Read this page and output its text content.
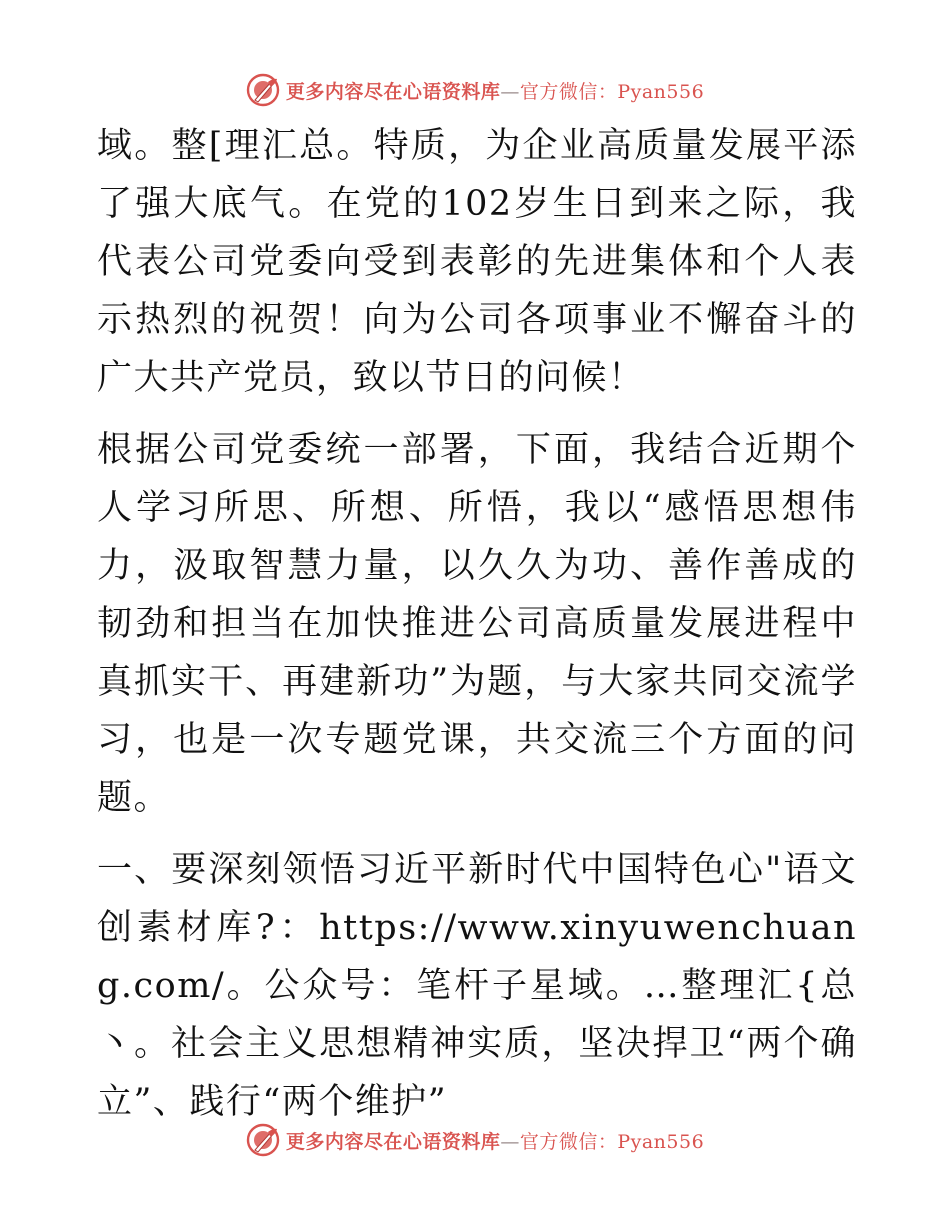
更多内容尽在心语资料库—官方微信：Pyan556

域。整[理汇总。特质，为企业高质量发展平添了强大底气。在党的102岁生日到来之际，我代表公司党委向受到表彰的先进集体和个人表示热烈的祝贺！向为公司各项事业不懈奋斗的广大共产党员，致以节日的问候！

根据公司党委统一部署，下面，我结合近期个人学习所思、所想、所悟，我以“感悟思想伟力，汲取智慧力量，以久久为功、善作善成的韧劲和担当在加快推进公司高质量发展进程中真抓实干、再建新功”为题，与大家共同交流学习，也是一次专题党课，共交流三个方面的问题。

一、要深刻领悟习近平新时代中国特色心"语文创素材库?：https://www.xinyuwenchuang.com/。公众号：笔杆子星域。…整理汇{总丶。社会主义思想精神实质，坚决捍卫“两个确立”、践行“两个维护”

更多内容尽在心语资料库—官方微信：Pyan556
